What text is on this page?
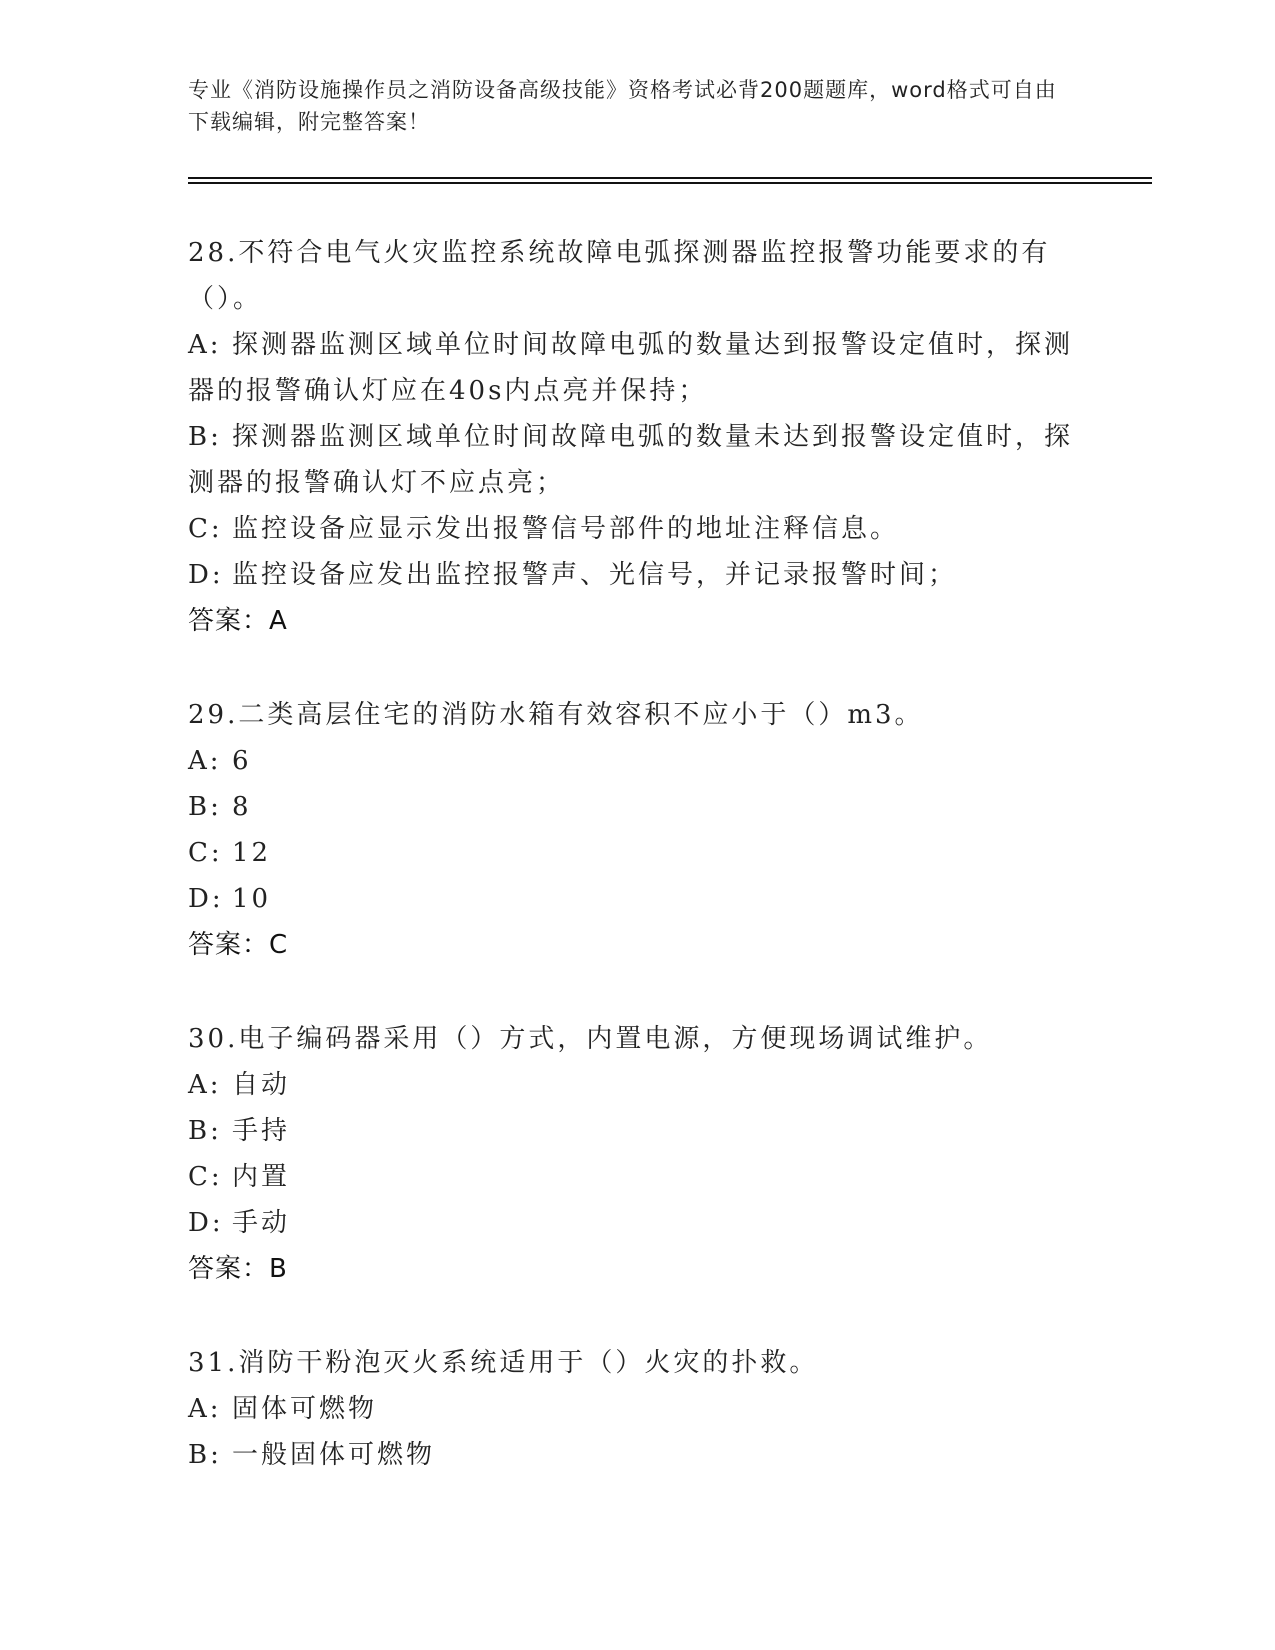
专业《消防设施操作员之消防设备高级技能》资格考试必背200题题库，word格式可自由下载编辑，附完整答案！
28.不符合电气火灾监控系统故障电弧探测器监控报警功能要求的有（）。
A: 探测器监测区域单位时间故障电弧的数量达到报警设定值时，探测器的报警确认灯应在40s内点亮并保持；
B: 探测器监测区域单位时间故障电弧的数量未达到报警设定值时，探测器的报警确认灯不应点亮；
C: 监控设备应显示发出报警信号部件的地址注释信息。
D: 监控设备应发出监控报警声、光信号，并记录报警时间；
答案：A
29.二类高层住宅的消防水箱有效容积不应小于（）m3。
A: 6
B: 8
C: 12
D: 10
答案：C
30.电子编码器采用（）方式，内置电源，方便现场调试维护。
A: 自动
B: 手持
C: 内置
D: 手动
答案：B
31.消防干粉泡灭火系统适用于（）火灾的扑救。
A: 固体可燃物
B: 一般固体可燃物
